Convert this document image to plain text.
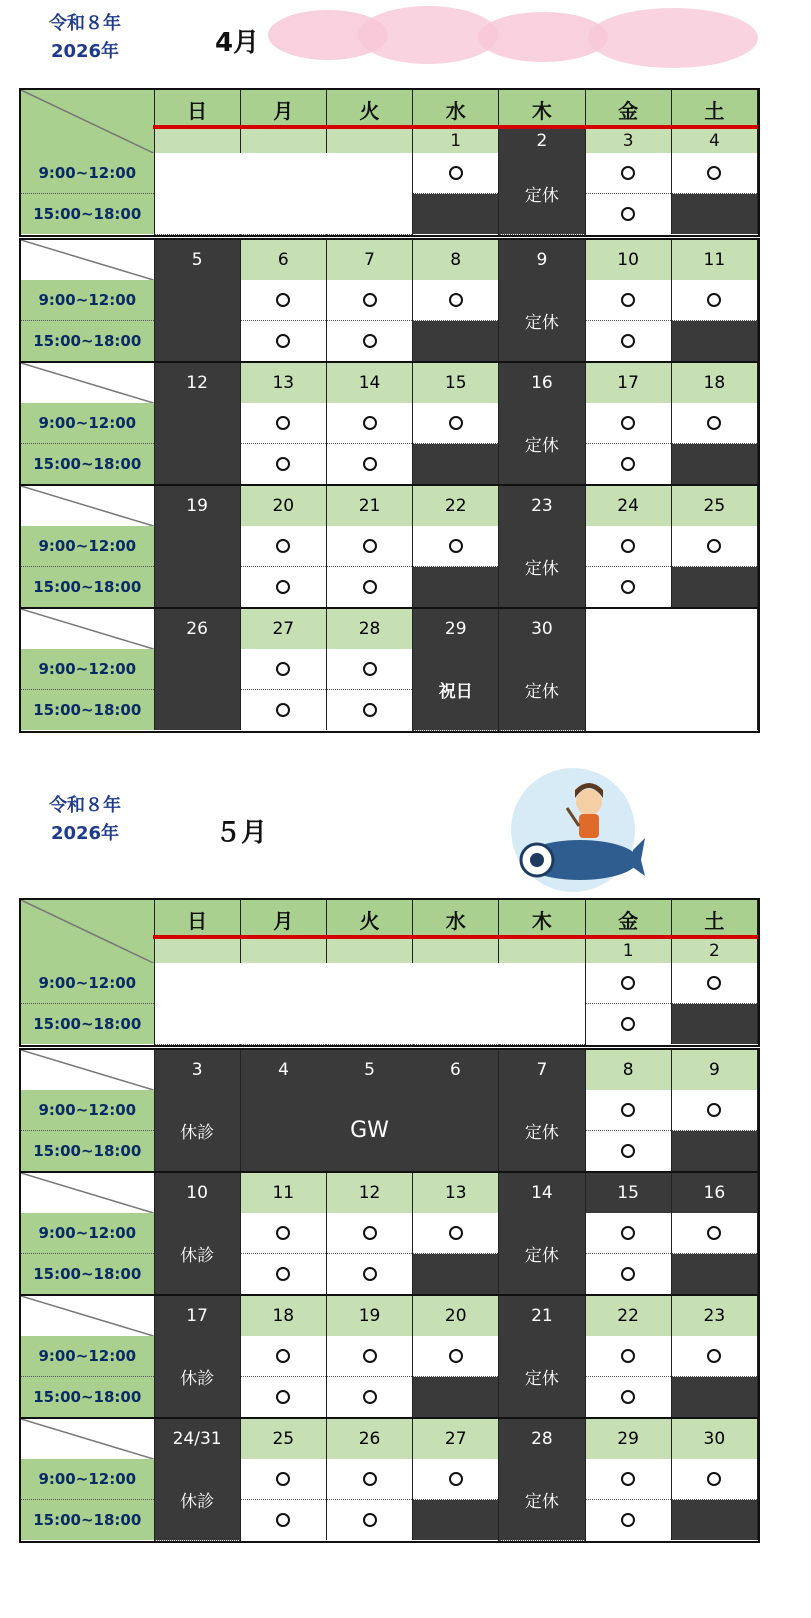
令和８年
2026年	4月
	日	月	火	水	木	金	土
				1	2	3	4
9:00~12:00					定休		
15:00~18:00							
	5	6	7	8	9	10	11
9:00~12:00					定休		
15:00~18:00							

	12	13	14	15	16	17	18
9:00~12:00					定休		
15:00~18:00							

	19	20	21	22	23	24	25
9:00~12:00					定休		
15:00~18:00							

	26	27	28	29	30		
9:00~12:00				祝日	定休		
15:00~18:00							
令和８年
2026年	５月
	日	月	火	水	木	金	土
						1	2
9:00~12:00							
15:00~18:00							
	3	4	5	6	7	8	9
9:00~12:00	休診	GW			定休		
15:00~18:00							

	10	11	12	13	14	15	16
9:00~12:00	休診				定休		
15:00~18:00							

	17	18	19	20	21	22	23
9:00~12:00	休診				定休		
15:00~18:00							

	24/31	25	26	27	28	29	30
9:00~12:00	休診				定休		
15:00~18:00							
